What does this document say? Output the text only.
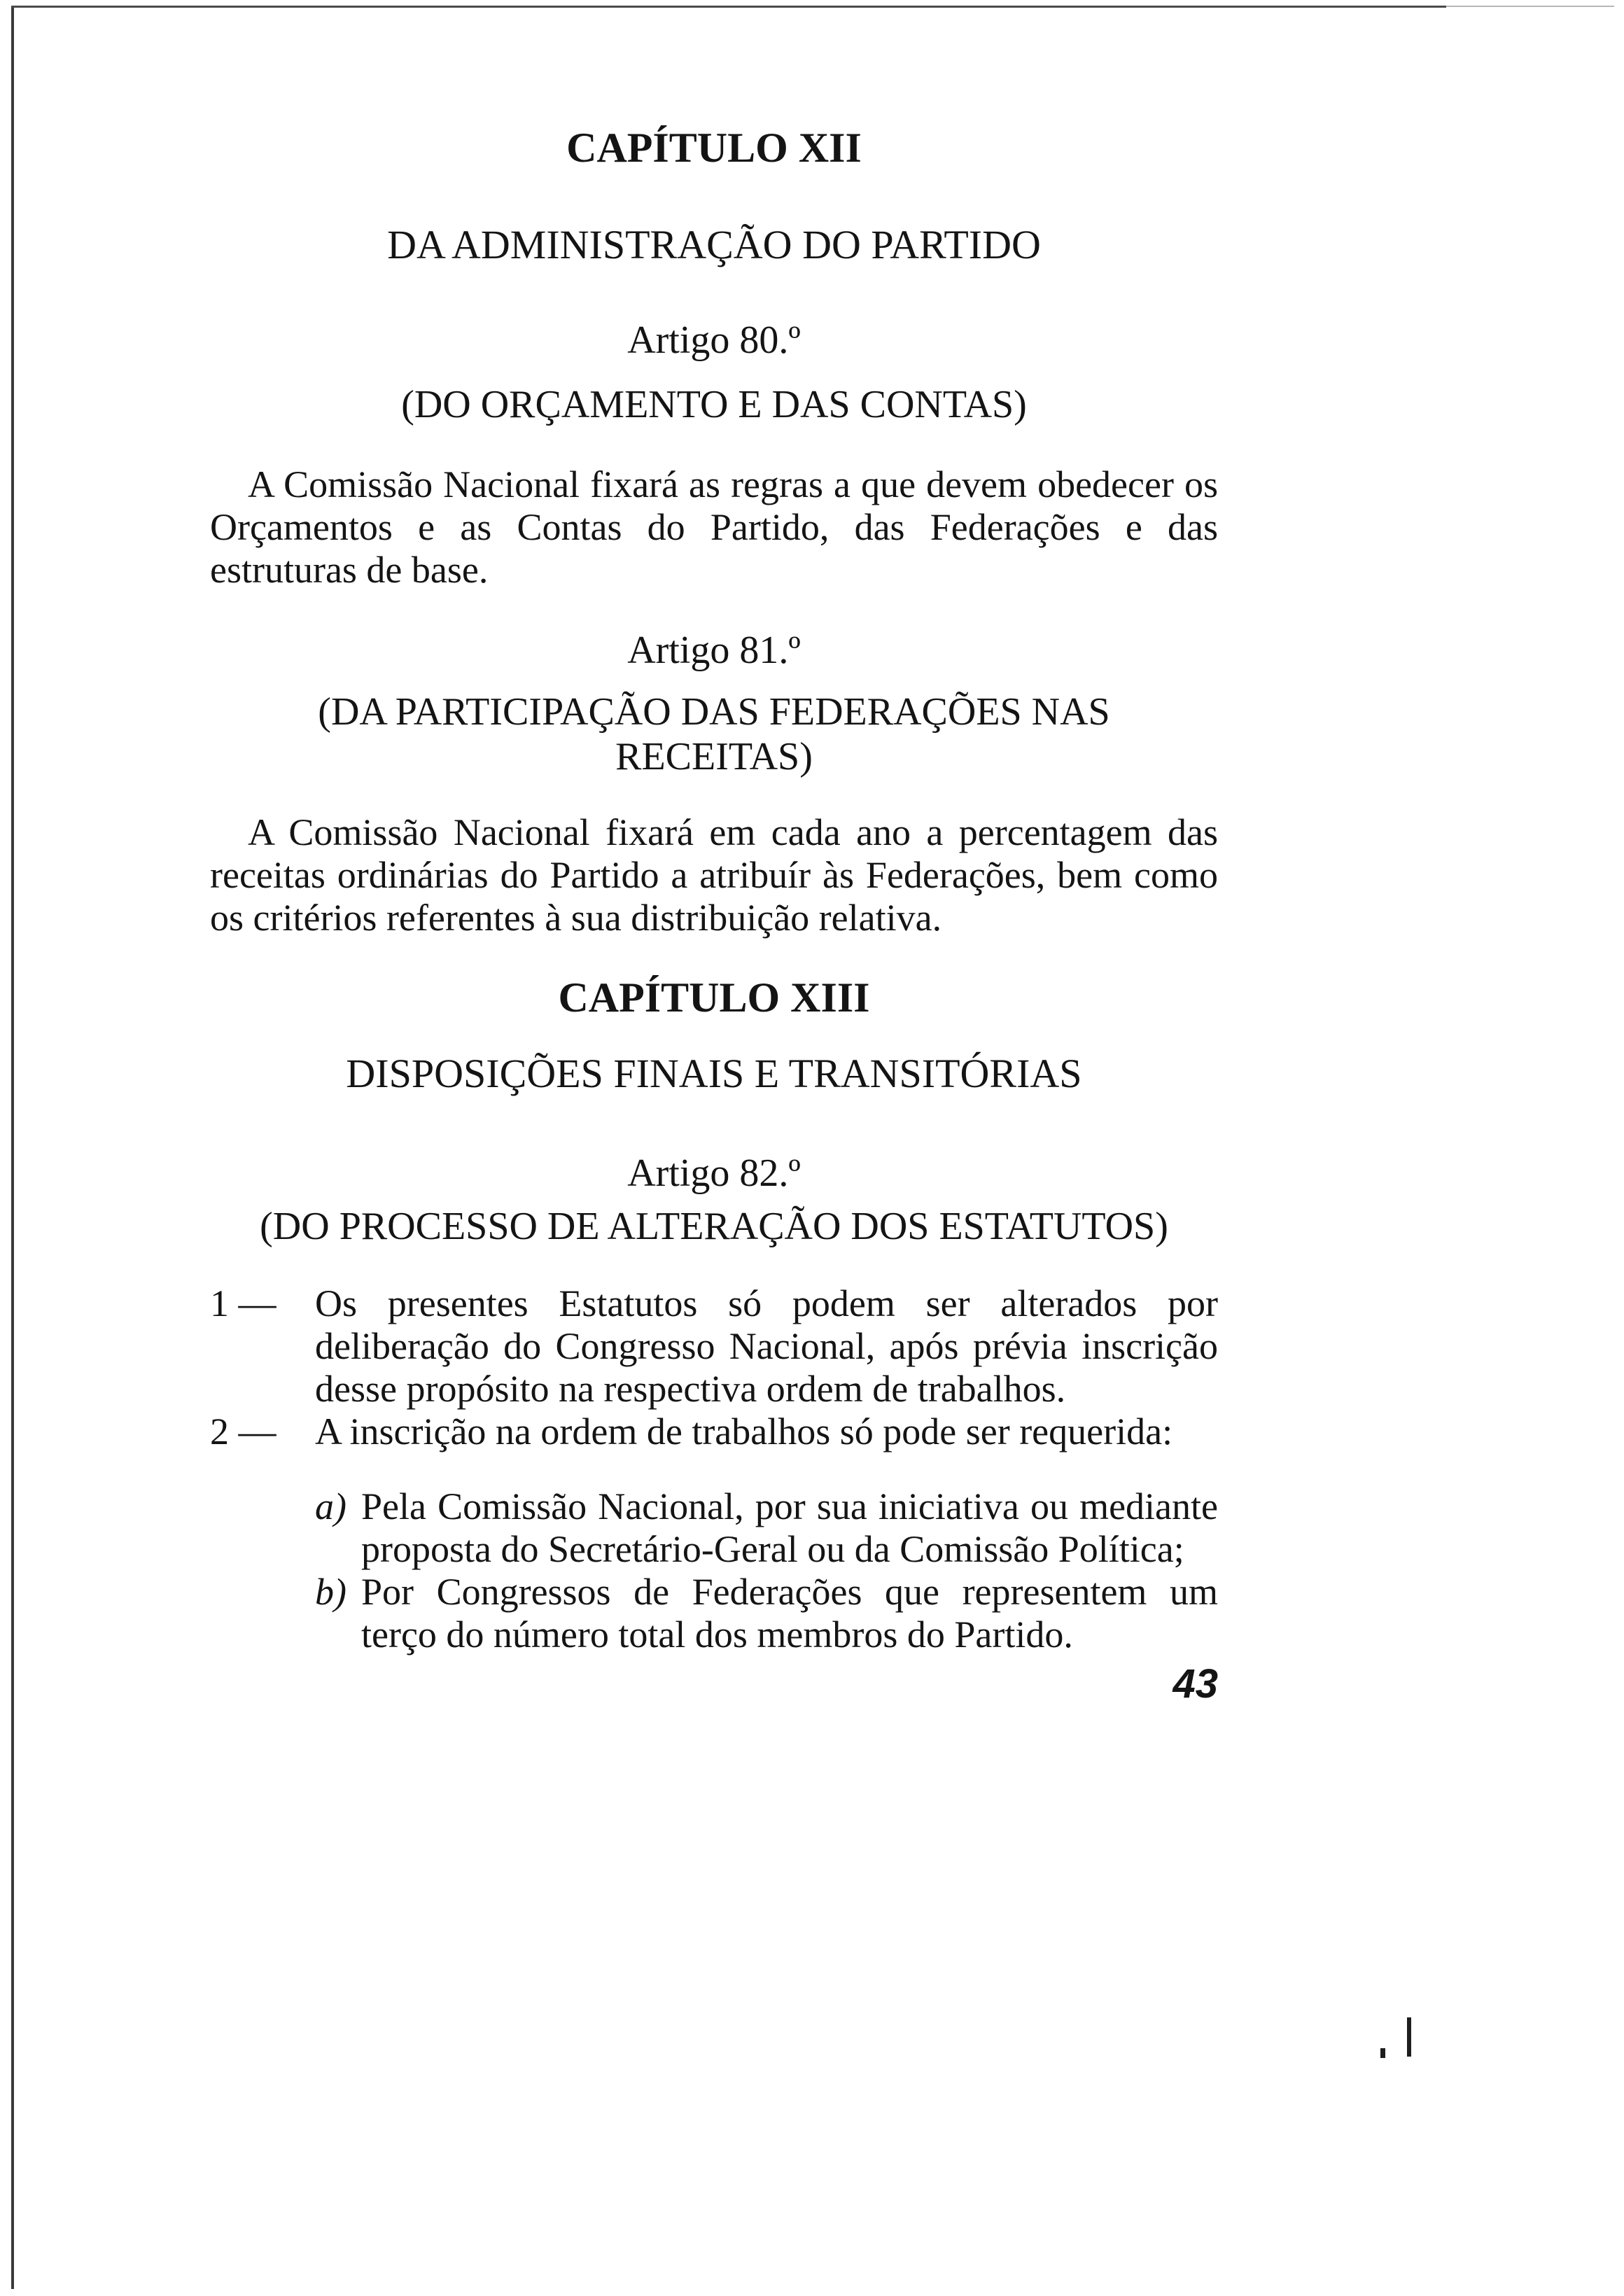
CAPÍTULO XII
DA ADMINISTRAÇÃO DO PARTIDO
Artigo 80.º
(DO ORÇAMENTO E DAS CONTAS)

A Comissão Nacional fixará as regras a que devem obedecer os Orçamentos e as Contas do Partido, das Federações e das estruturas de base.

Artigo 81.º
(DA PARTICIPAÇÃO DAS FEDERAÇÕES NAS RECEITAS)

A Comissão Nacional fixará em cada ano a percentagem das receitas ordinárias do Partido a atribuír às Federações, bem como os critérios referentes à sua distribuição relativa.

CAPÍTULO XIII
DISPOSIÇÕES FINAIS E TRANSITÓRIAS
Artigo 82.º
(DO PROCESSO DE ALTERAÇÃO DOS ESTATUTOS)
1 —	Os presentes Estatutos só podem ser alterados por deliberação do Congresso Nacional, após prévia inscrição desse propósito na respectiva ordem de trabalhos.
2 —	A inscrição na ordem de trabalhos só pode ser requerida:
a) Pela Comissão Nacional, por sua iniciativa ou mediante proposta do Secretário-Geral ou da Comissão Política;
b) Por Congressos de Federações que representem um terço do número total dos membros do Partido.
43
